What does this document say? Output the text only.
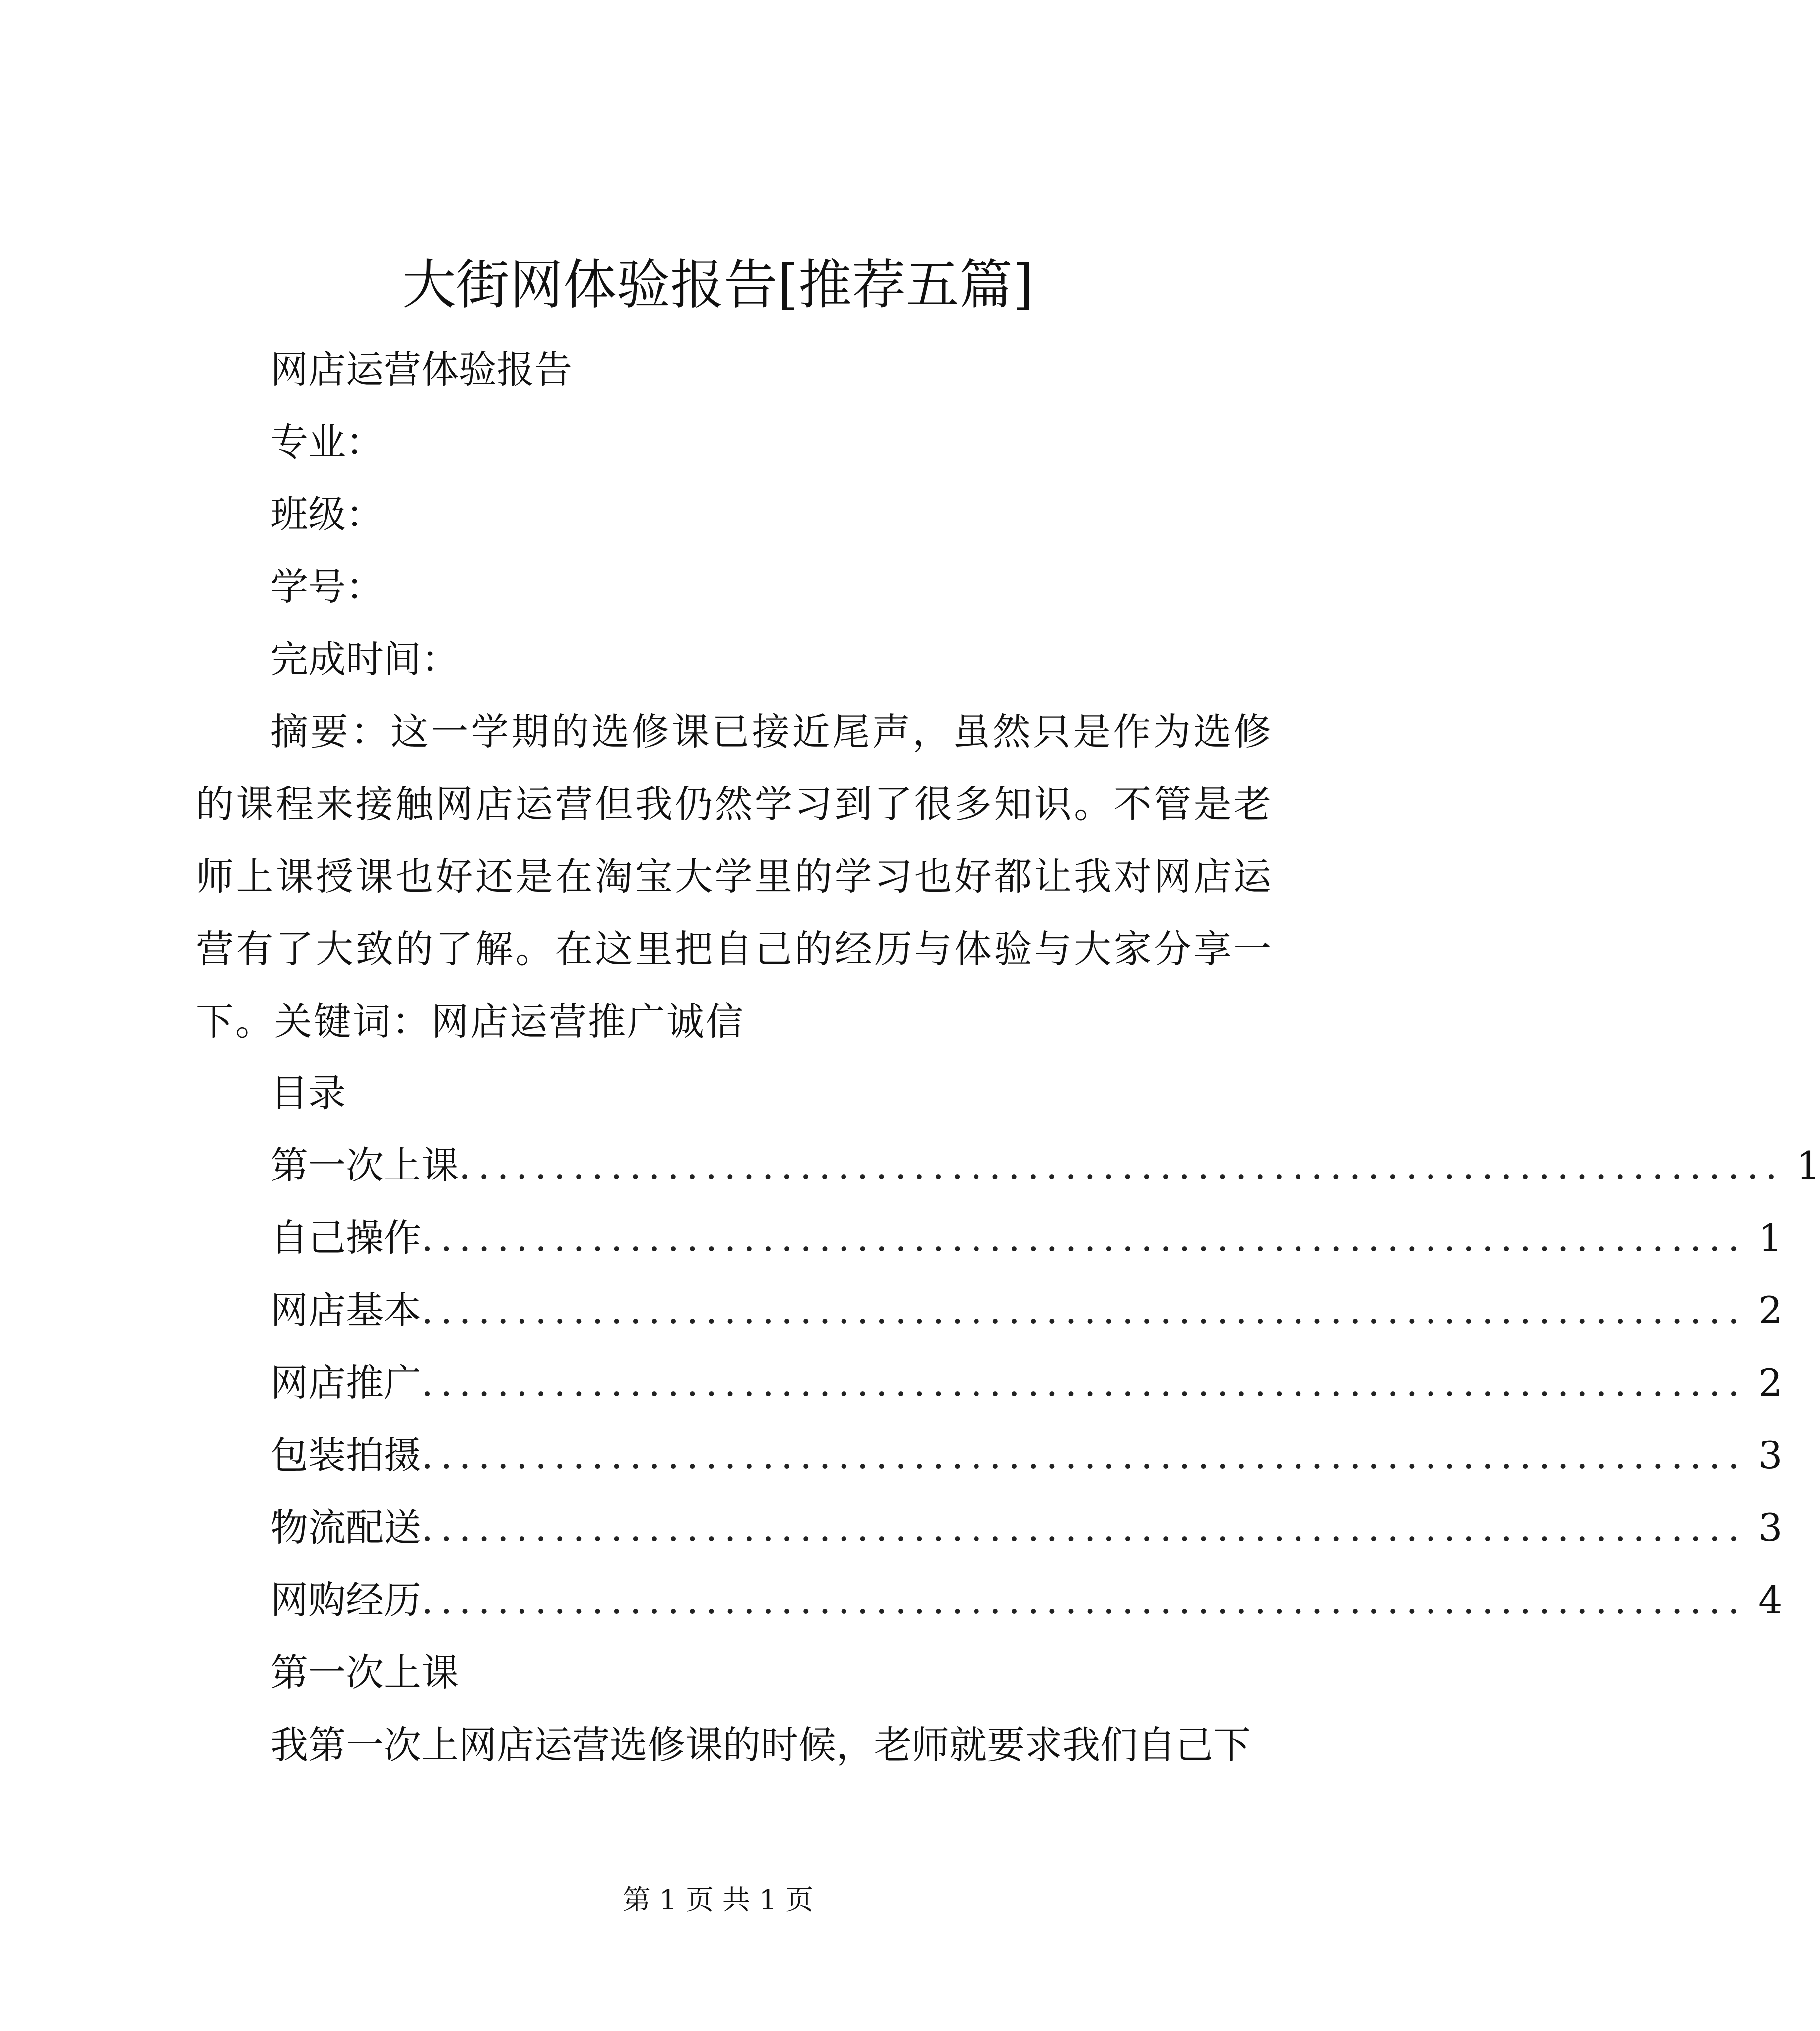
大街网体验报告[推荐五篇]
网店运营体验报告
专业：
班级：
学号：
完成时间：
摘要：这一学期的选修课已接近尾声，虽然只是作为选修的课程来接触网店运营但我仍然学习到了很多知识。不管是老师上课授课也好还是在淘宝大学里的学习也好都让我对网店运营有了大致的了解。在这里把自己的经历与体验与大家分享一下。关键词：网店运营推广诚信
目录
第一次上课 ...................................................................... 1
自己操作 ...................................................................... 1
网店基本 ...................................................................... 2
网店推广 ...................................................................... 2
包装拍摄 ...................................................................... 3
物流配送 ...................................................................... 3
网购经历 ...................................................................... 4
第一次上课
我第一次上网店运营选修课的时候，老师就要求我们自己下
第 1 页 共 1 页
